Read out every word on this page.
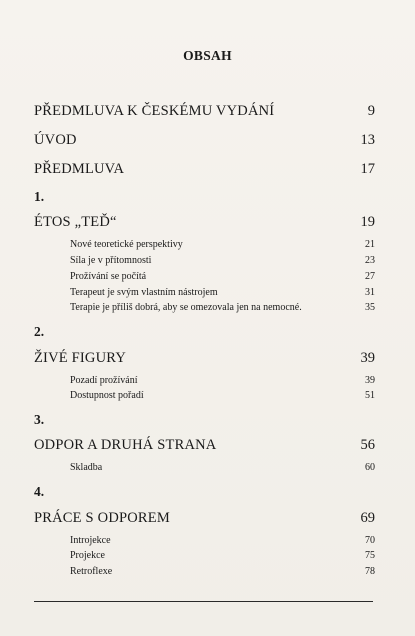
OBSAH
PŘEDMLUVA K ČESKÉMU VYDÁNÍ	9
ÚVOD	13
PŘEDMLUVA	17
1.
ÉTOS „TEĎ“	19
Nové teoretické perspektivy	21
Síla je v přítomnosti	23
Prožívání se počítá	27
Terapeut je svým vlastním nástrojem	31
Terapie je příliš dobrá, aby se omezovala jen na nemocné.	35
2.
ŽIVÉ FIGURY	39
Pozadí prožívání	39
Dostupnost pořadí	51
3.
ODPOR A DRUHÁ STRANA	56
Skladba	60
4.
PRÁCE S ODPOREM	69
Introjekce	70
Projekce	75
Retroflexe	78
